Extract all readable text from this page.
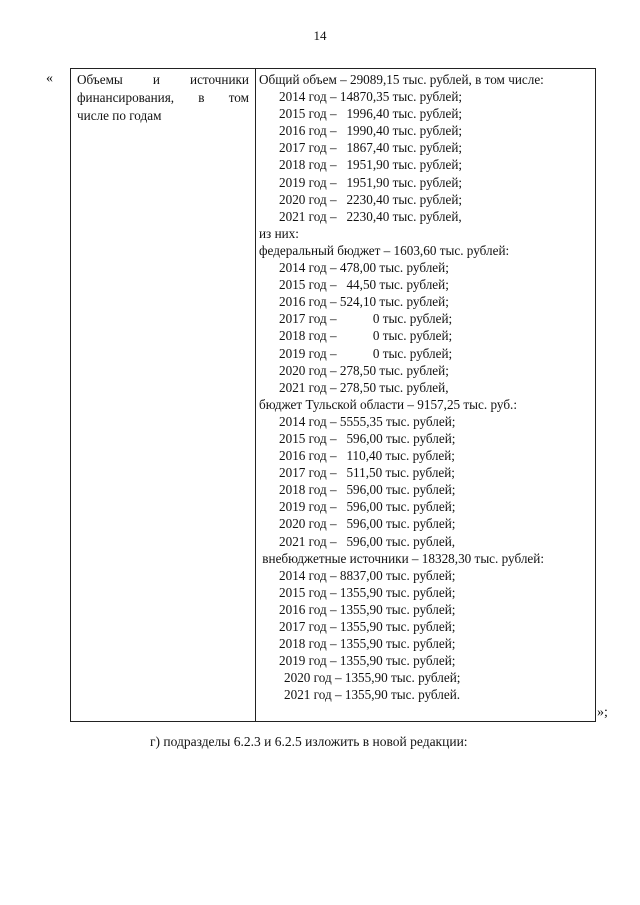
14
« Объемы и источники
финансирования, в том
числе по годам
Общий объем – 29089,15 тыс. рублей, в том числе:
2014 год – 14870,35 тыс. рублей;
2015 год –   1996,40 тыс. рублей;
2016 год –   1990,40 тыс. рублей;
2017 год –   1867,40 тыс. рублей;
2018 год –   1951,90 тыс. рублей;
2019 год –   1951,90 тыс. рублей;
2020 год –   2230,40 тыс. рублей;
2021 год –   2230,40 тыс. рублей,
из них:
федеральный бюджет – 1603,60 тыс. рублей:
2014 год – 478,00 тыс. рублей;
2015 год –   44,50 тыс. рублей;
2016 год – 524,10 тыс. рублей;
2017 год –           0 тыс. рублей;
2018 год –           0 тыс. рублей;
2019 год –           0 тыс. рублей;
2020 год – 278,50 тыс. рублей;
2021 год – 278,50 тыс. рублей,
бюджет Тульской области – 9157,25 тыс. руб.:
2014 год – 5555,35 тыс. рублей;
2015 год –   596,00 тыс. рублей;
2016 год –   110,40 тыс. рублей;
2017 год –   511,50 тыс. рублей;
2018 год –   596,00 тыс. рублей;
2019 год –   596,00 тыс. рублей;
2020 год –   596,00 тыс. рублей;
2021 год –   596,00 тыс. рублей,
внебюджетные источники – 18328,30 тыс. рублей:
2014 год – 8837,00 тыс. рублей;
2015 год – 1355,90 тыс. рублей;
2016 год – 1355,90 тыс. рублей;
2017 год – 1355,90 тыс. рублей;
2018 год – 1355,90 тыс. рублей;
2019 год – 1355,90 тыс. рублей;
2020 год – 1355,90 тыс. рублей;
2021 год – 1355,90 тыс. рублей.
»;
г) подразделы 6.2.3 и 6.2.5 изложить в новой редакции:
